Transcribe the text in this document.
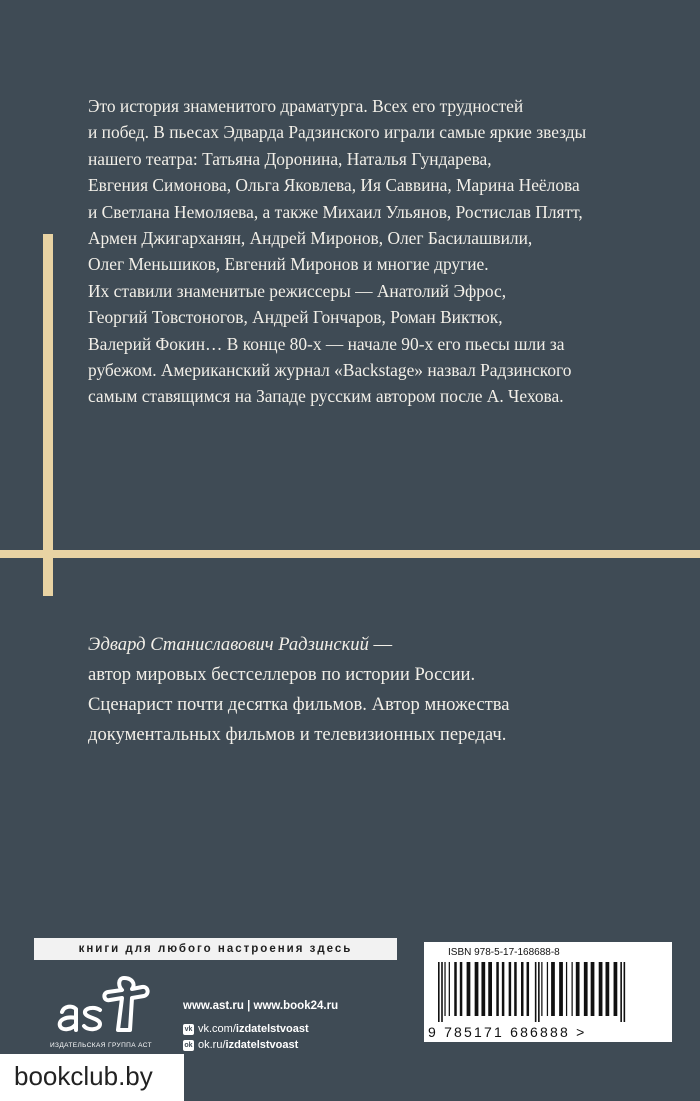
Это история знаменитого драматурга. Всех его трудностей
и побед. В пьесах Эдварда Радзинского играли самые яркие звезды
нашего театра: Татьяна Доронина, Наталья Гундарева,
Евгения Симонова, Ольга Яковлева, Ия Саввина, Марина Неёлова
и Светлана Немоляева, а также Михаил Ульянов, Ростислав Плятт,
Армен Джигарханян, Андрей Миронов, Олег Басилашвили,
Олег Меньшиков, Евгений Миронов и многие другие.
Их ставили знаменитые режиссеры — Анатолий Эфрос,
Георгий Товстоногов, Андрей Гончаров, Роман Виктюк,
Валерий Фокин… В конце 80-х — начале 90-х его пьесы шли за
рубежом. Американский журнал «Backstage» назвал Радзинского
самым ставящимся на Западе русским автором после А. Чехова.

Эдвард Станиславович Радзинский —
автор мировых бестселлеров по истории России.
Сценарист почти десятка фильмов. Автор множества
документальных фильмов и телевизионных передач.

книги для любого настроения здесь
ИЗДАТЕЛЬСКАЯ ГРУППА АСТ
www.ast.ru | www.book24.ru
vk vk.com/ izdatelstvoast
ok ok.ru/ izdatelstvoast
ISBN 978-5-17-168688-8
9 785171 686888 >
bookclub.by
